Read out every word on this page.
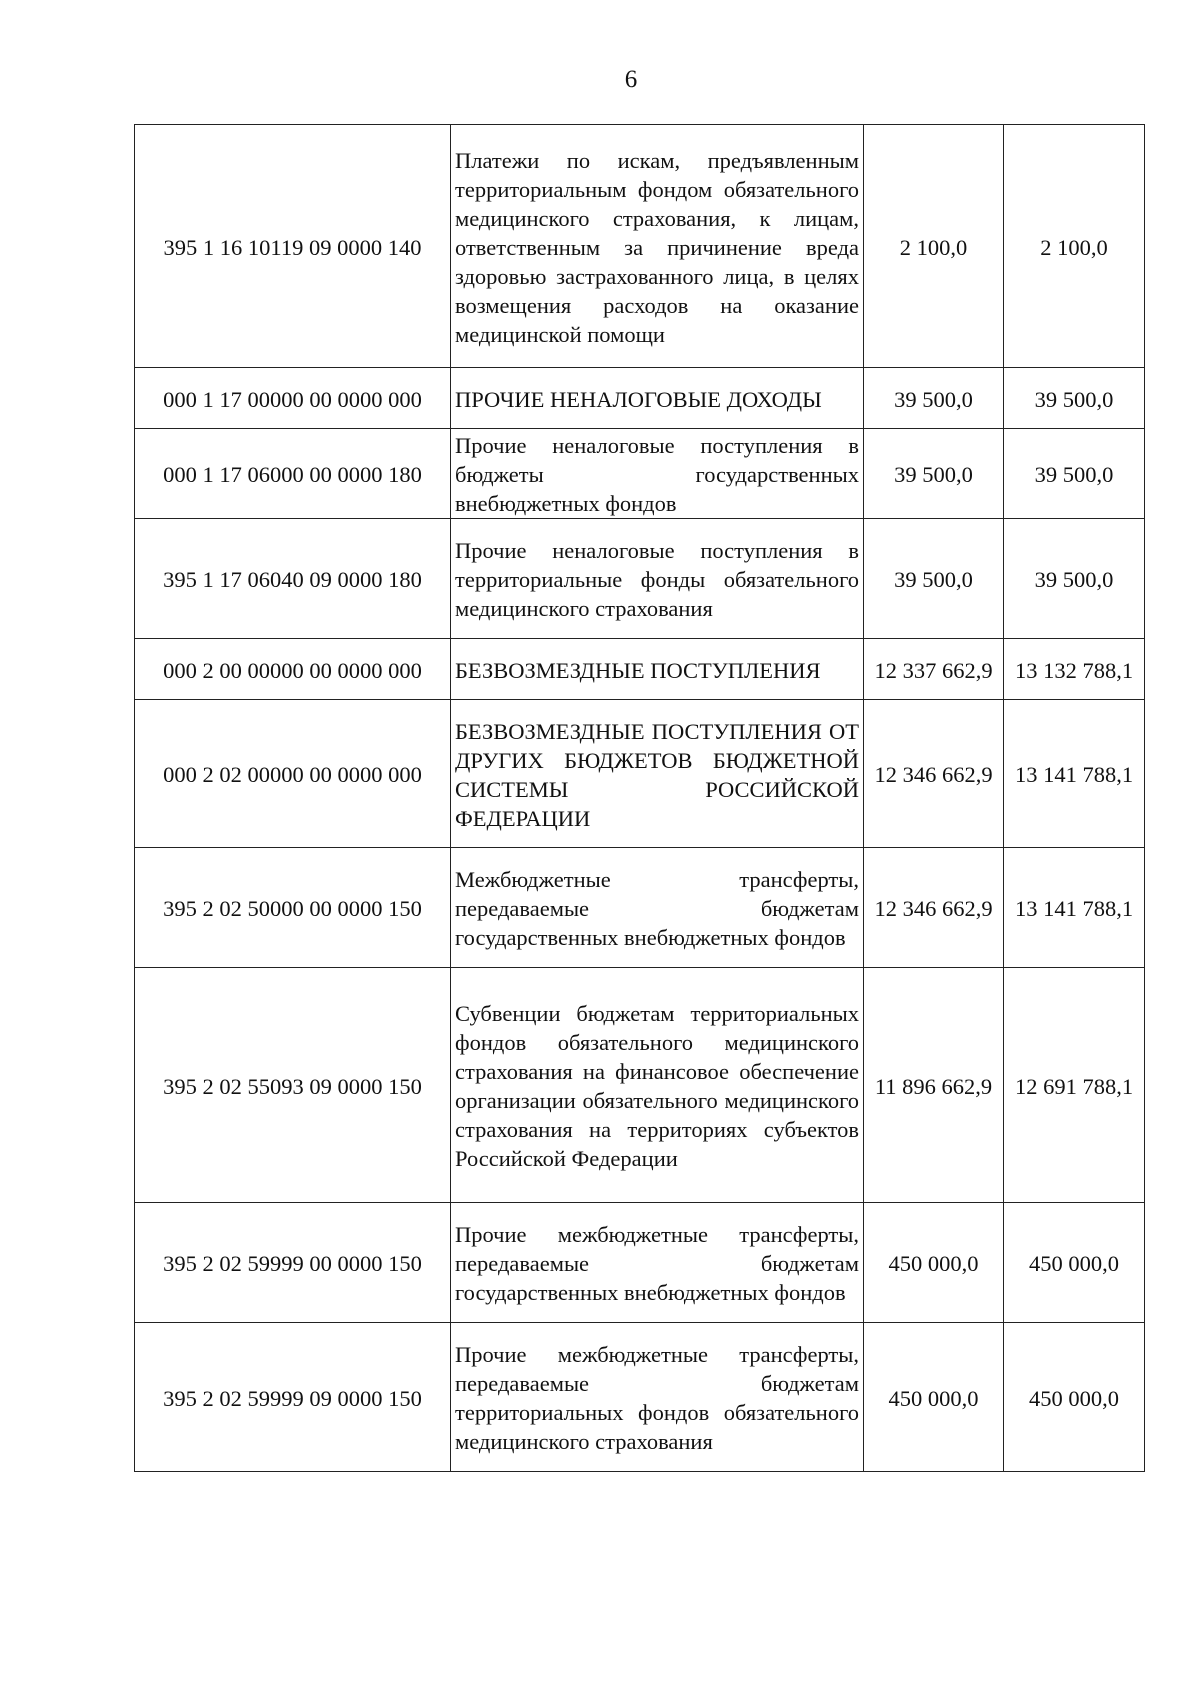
6
395 1 16 10119 09 0000 140	Платежи по искам, предъявленным территориальным фондом обязательного медицинского страхования, к лицам, ответственным за причинение вреда здоровью застрахованного лица, в целях возмещения расходов на оказание медицинской помощи	2 100,0	2 100,0
000 1 17 00000 00 0000 000	ПРОЧИЕ НЕНАЛОГОВЫЕ ДОХОДЫ	39 500,0	39 500,0
000 1 17 06000 00 0000 180	Прочие неналоговые поступления в бюджеты государственных внебюджетных фондов	39 500,0	39 500,0
395 1 17 06040 09 0000 180	Прочие неналоговые поступления в территориальные фонды обязательного медицинского страхования	39 500,0	39 500,0
000 2 00 00000 00 0000 000	БЕЗВОЗМЕЗДНЫЕ ПОСТУПЛЕНИЯ	12 337 662,9	13 132 788,1
000 2 02 00000 00 0000 000	БЕЗВОЗМЕЗДНЫЕ ПОСТУПЛЕНИЯ ОТ ДРУГИХ БЮДЖЕТОВ БЮДЖЕТНОЙ СИСТЕМЫ РОССИЙСКОЙ ФЕДЕРАЦИИ	12 346 662,9	13 141 788,1
395 2 02 50000 00 0000 150	Межбюджетные трансферты, передаваемые бюджетам государственных внебюджетных фондов	12 346 662,9	13 141 788,1
395 2 02 55093 09 0000 150	Субвенции бюджетам территориальных фондов обязательного медицинского страхования на финансовое обеспечение организации обязательного медицинского страхования на территориях субъектов Российской Федерации	11 896 662,9	12 691 788,1
395 2 02 59999 00 0000 150	Прочие межбюджетные трансферты, передаваемые бюджетам государственных внебюджетных фондов	450 000,0	450 000,0
395 2 02 59999 09 0000 150	Прочие межбюджетные трансферты, передаваемые бюджетам территориальных фондов обязательного медицинского страхования	450 000,0	450 000,0
